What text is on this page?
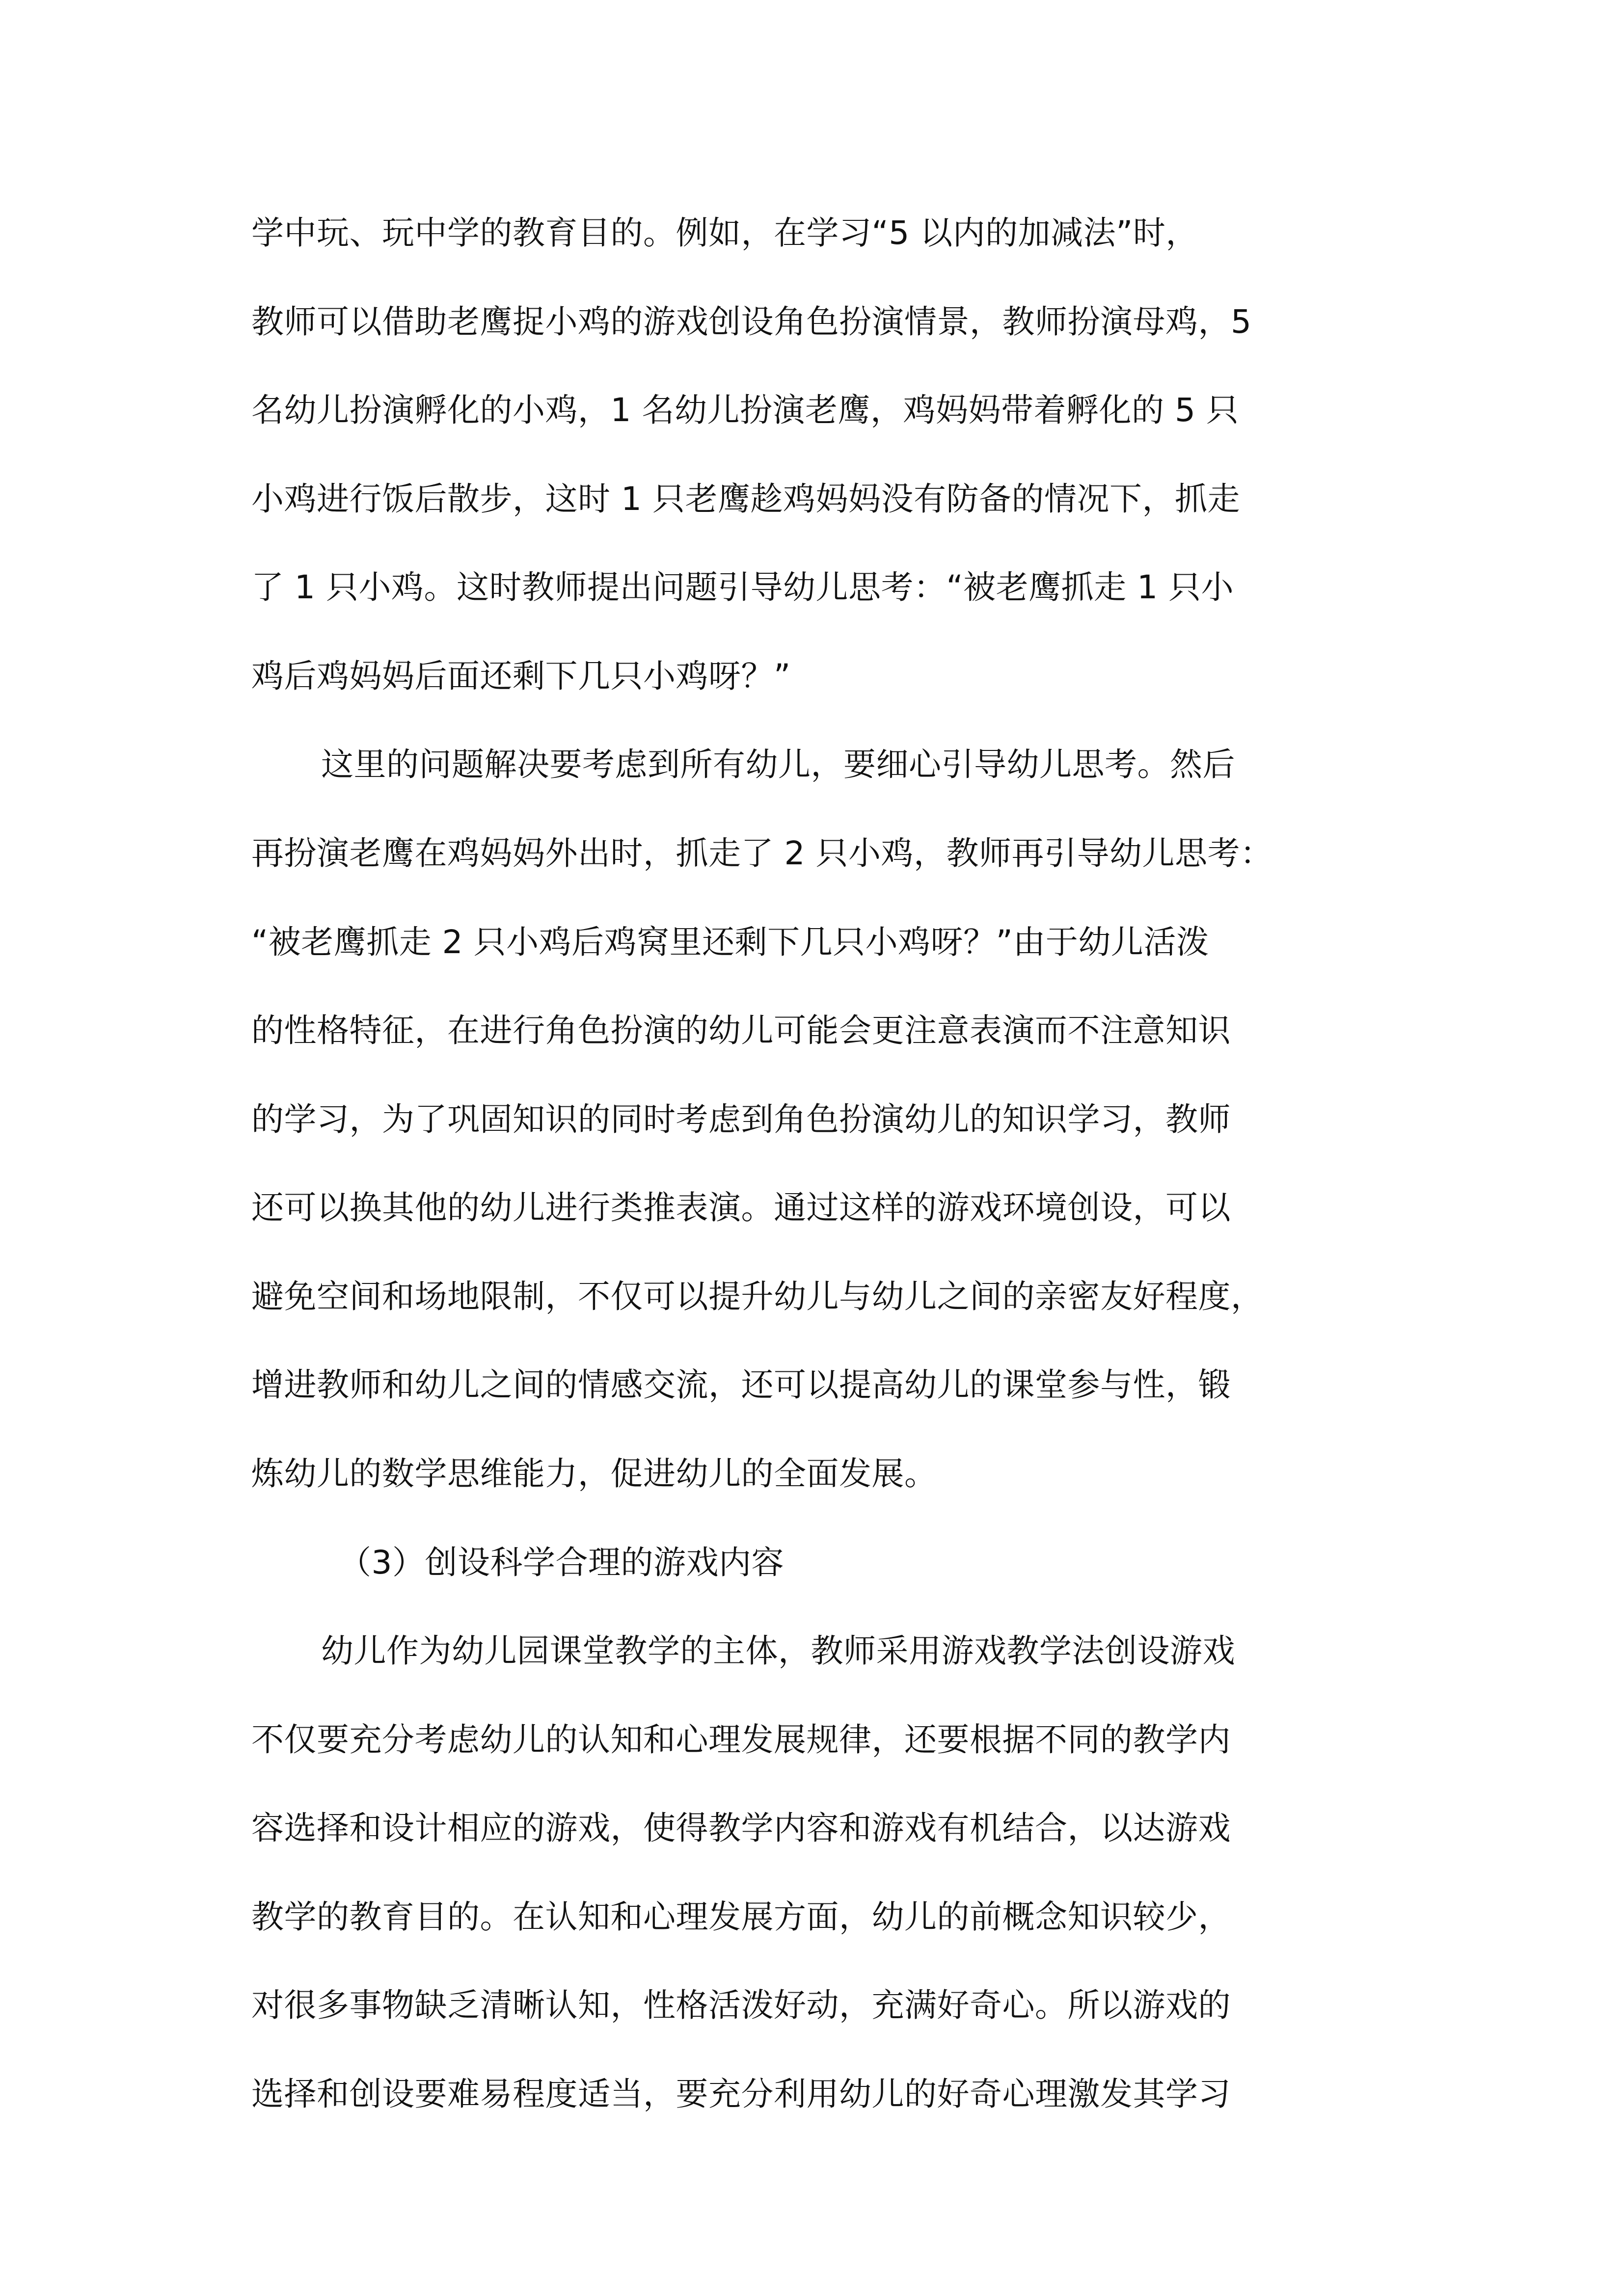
学中玩、玩中学的教育目的。例如，在学习“5 以内的加减法”时，
教师可以借助老鹰捉小鸡的游戏创设角色扮演情景，教师扮演母鸡，5
名幼儿扮演孵化的小鸡，1 名幼儿扮演老鹰，鸡妈妈带着孵化的 5 只
小鸡进行饭后散步，这时 1 只老鹰趁鸡妈妈没有防备的情况下，抓走
了 1 只小鸡。这时教师提出问题引导幼儿思考：“被老鹰抓走 1 只小
鸡后鸡妈妈后面还剩下几只小鸡呀？”
这里的问题解决要考虑到所有幼儿，要细心引导幼儿思考。然后
再扮演老鹰在鸡妈妈外出时，抓走了 2 只小鸡，教师再引导幼儿思考：
“被老鹰抓走 2 只小鸡后鸡窝里还剩下几只小鸡呀？”由于幼儿活泼
的性格特征，在进行角色扮演的幼儿可能会更注意表演而不注意知识
的学习，为了巩固知识的同时考虑到角色扮演幼儿的知识学习，教师
还可以换其他的幼儿进行类推表演。通过这样的游戏环境创设，可以
避免空间和场地限制，不仅可以提升幼儿与幼儿之间的亲密友好程度，
增进教师和幼儿之间的情感交流，还可以提高幼儿的课堂参与性，锻
炼幼儿的数学思维能力，促进幼儿的全面发展。
（3）创设科学合理的游戏内容
幼儿作为幼儿园课堂教学的主体，教师采用游戏教学法创设游戏
不仅要充分考虑幼儿的认知和心理发展规律，还要根据不同的教学内
容选择和设计相应的游戏，使得教学内容和游戏有机结合，以达游戏
教学的教育目的。在认知和心理发展方面，幼儿的前概念知识较少，
对很多事物缺乏清晰认知，性格活泼好动，充满好奇心。所以游戏的
选择和创设要难易程度适当，要充分利用幼儿的好奇心理激发其学习
